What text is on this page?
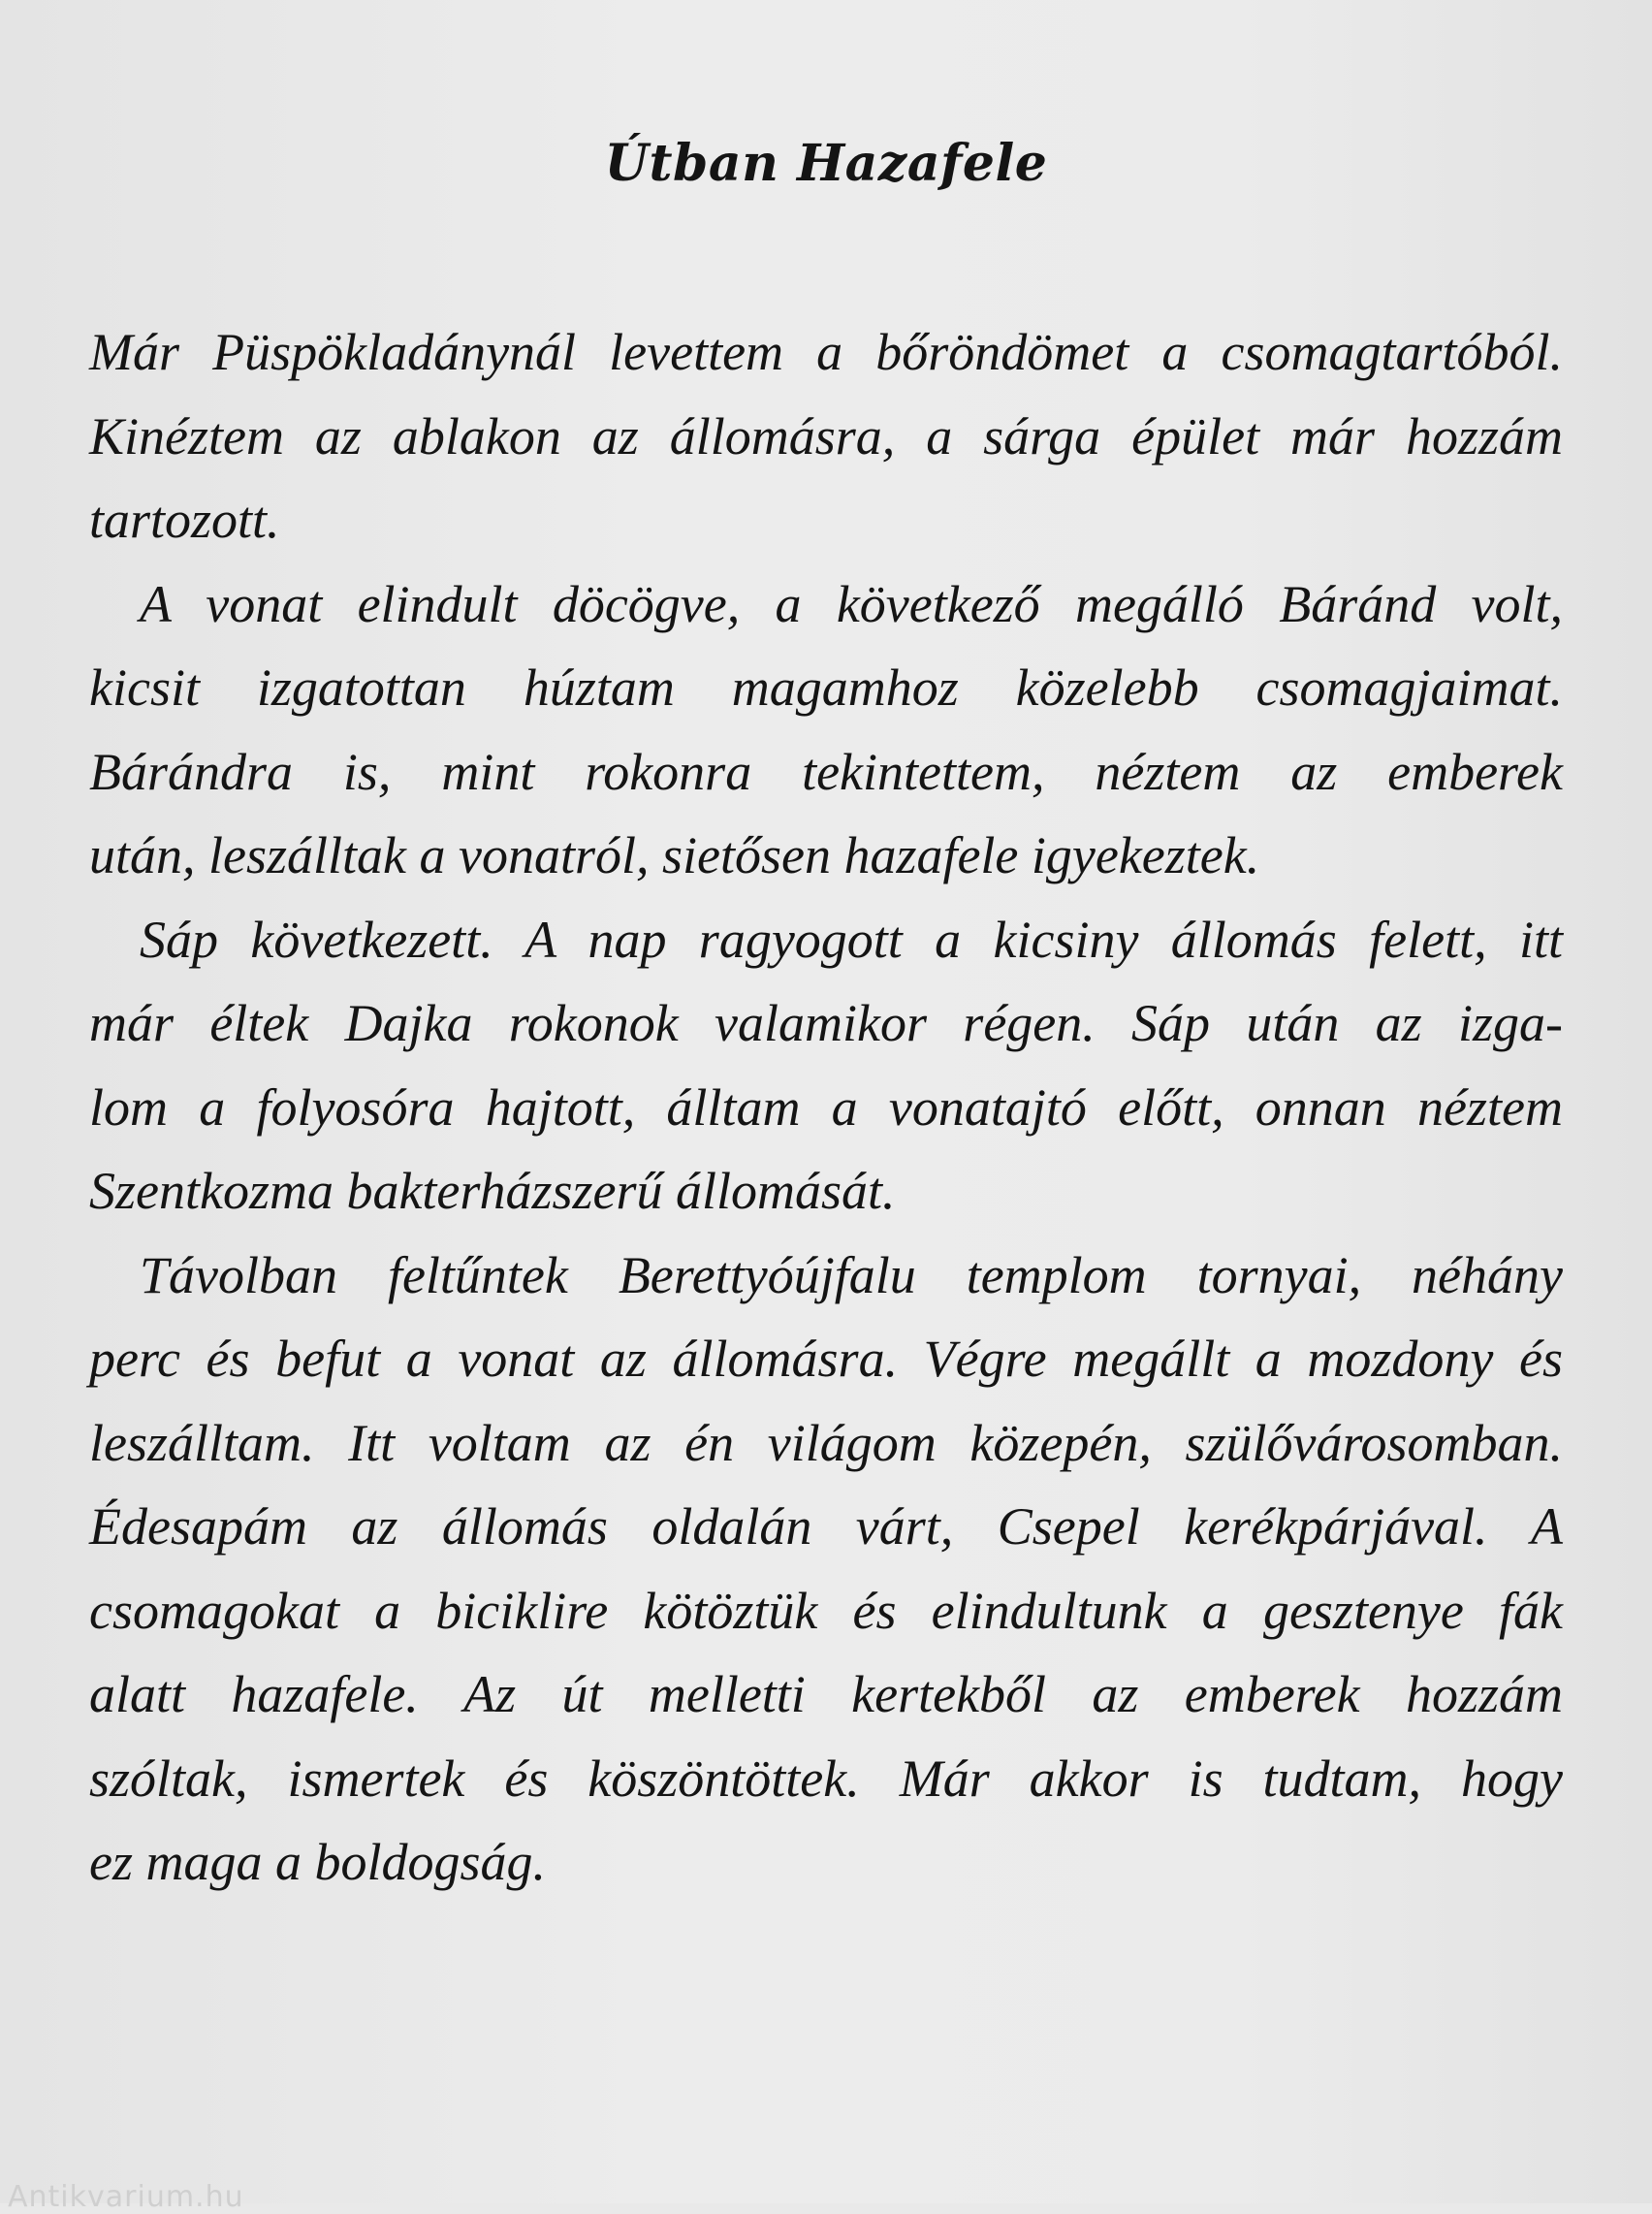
Útban Hazafele
Már Püspökladánynál levettem a bőröndömet a csomagtartóból.
Kinéztem az ablakon az állomásra, a sárga épület már hozzám
tartozott.
A vonat elindult döcögve, a következő megálló Báránd volt,
kicsit izgatottan húztam magamhoz közelebb csomagjaimat.
Bárándra is, mint rokonra tekintettem, néztem az emberek
után, leszálltak a vonatról, sietősen hazafele igyekeztek.
Sáp következett. A nap ragyogott a kicsiny állomás felett, itt
már éltek Dajka rokonok valamikor régen. Sáp után az izga-
lom a folyosóra hajtott, álltam a vonatajtó előtt, onnan néztem
Szentkozma bakterházszerű állomását.
Távolban feltűntek Berettyóújfalu templom tornyai, néhány
perc és befut a vonat az állomásra. Végre megállt a mozdony és
leszálltam. Itt voltam az én világom közepén, szülővárosomban.
Édesapám az állomás oldalán várt, Csepel kerékpárjával. A
csomagokat a biciklire kötöztük és elindultunk a gesztenye fák
alatt hazafele. Az út melletti kertekből az emberek hozzám
szóltak, ismertek és köszöntöttek. Már akkor is tudtam, hogy
ez maga a boldogság.
Antikvarium.hu
